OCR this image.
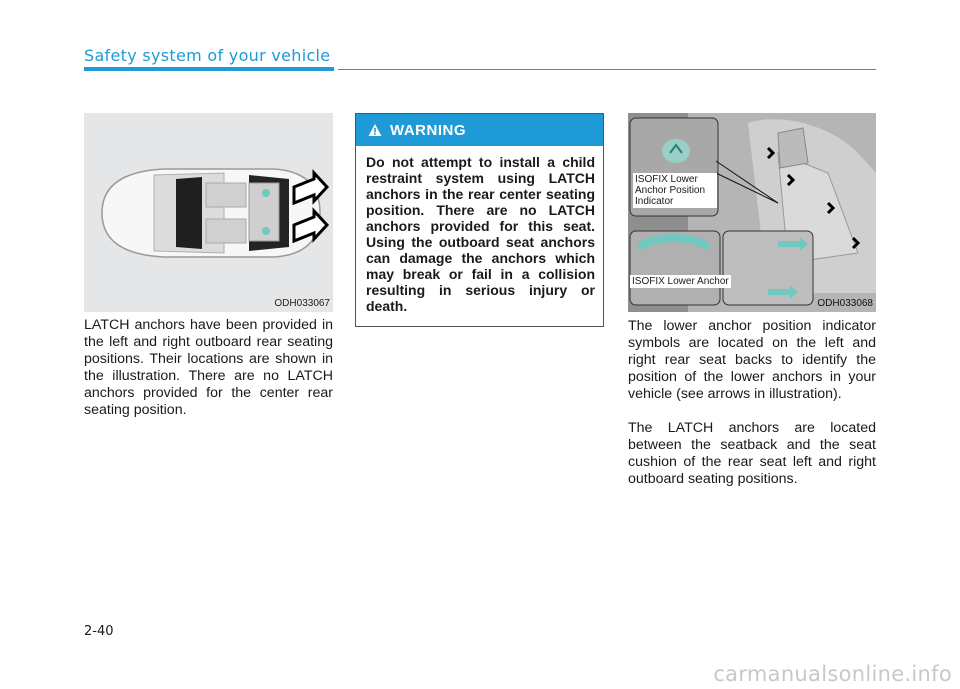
Safety system of your vehicle
ODH033067

LATCH anchors have been provided in the left and right outboard rear seating positions. Their locations are shown in the illustration. There are no LATCH anchors provided for the center rear seating position.

WARNING

Do not attempt to install a child restraint system using LATCH anchors in the rear center seating position. There are no LATCH anchors provided for this seat. Using the outboard seat anchors can damage the anchors which may break or fail in a collision resulting in serious injury or death.

ISOFIX Lower Anchor Position Indicator
ISOFIX Lower Anchor
ODH033068

The lower anchor position indicator symbols are located on the left and right rear seat backs to identify the position of the lower anchors in your vehicle (see arrows in illustration).

The LATCH anchors are located between the seatback and the seat cushion of the rear seat left and right outboard seating positions.

2-40
carmanualsonline.info
